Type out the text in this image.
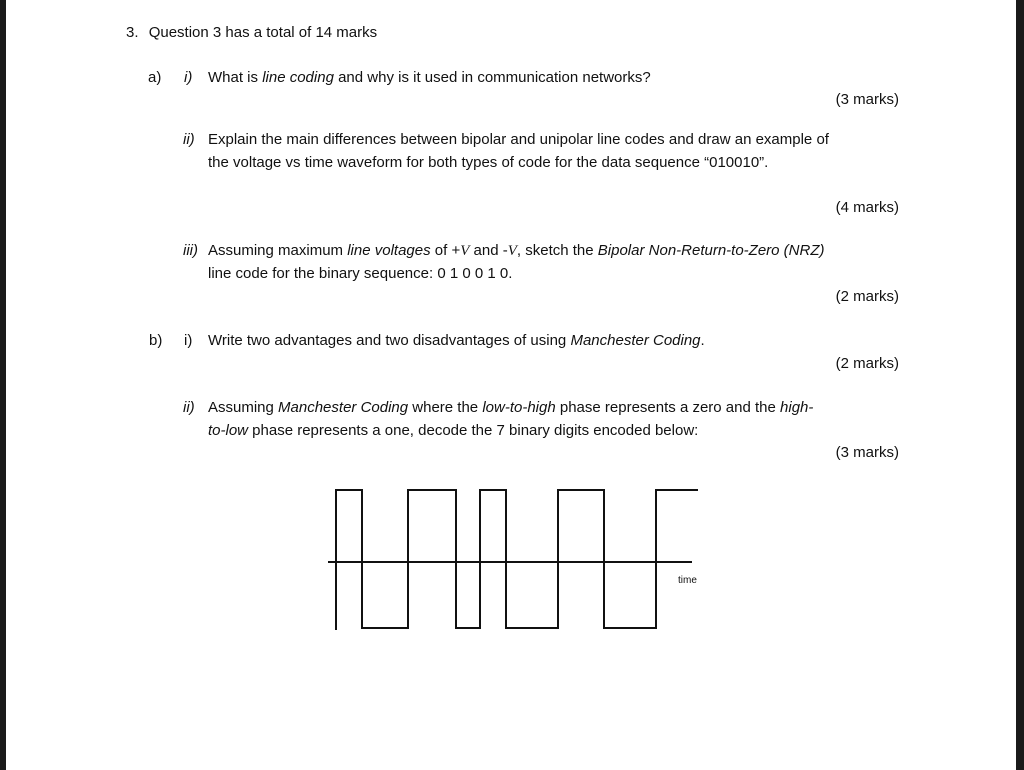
3. Question 3 has a total of 14 marks
a) i) What is line coding and why is it used in communication networks?
(3 marks)
ii) Explain the main differences between bipolar and unipolar line codes and draw an example of
the voltage vs time waveform for both types of code for the data sequence “010010”.
(4 marks)
iii) Assuming maximum line voltages of +V and -V, sketch the Bipolar Non-Return-to-Zero (NRZ)
line code for the binary sequence: 0 1 0 0 1 0.
(2 marks)
b) i) Write two advantages and two disadvantages of using Manchester Coding.
(2 marks)
ii) Assuming Manchester Coding where the low-to-high phase represents a zero and the high-
to-low phase represents a one, decode the 7 binary digits encoded below:
(3 marks)
time
